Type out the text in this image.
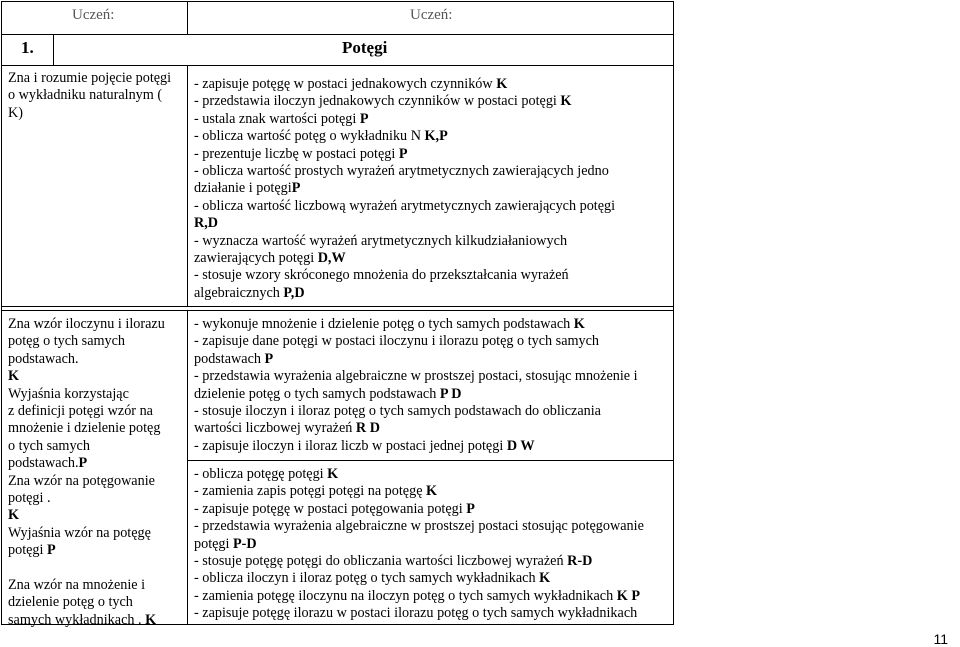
Uczeń:	Uczeń:
1.	Potęgi
Zna i rozumie pojęcie potęgi
o wykładniku naturalnym (
K)
- zapisuje potęgę w postaci jednakowych czynników K
- przedstawia iloczyn jednakowych czynników w postaci potęgi K
- ustala znak wartości potęgi P
- oblicza wartość potęg o wykładniku N K,P
- prezentuje liczbę w postaci potęgi P
- oblicza wartość prostych wyrażeń arytmetycznych zawierających jedno
działanie i potęgiP
- oblicza wartość liczbową wyrażeń arytmetycznych zawierających potęgi
R,D
- wyznacza wartość wyrażeń arytmetycznych kilkudziałaniowych
zawierających potęgi D,W
- stosuje wzory skróconego mnożenia do przekształcania wyrażeń
algebraicznych P,D
Zna wzór iloczynu i ilorazu
potęg o tych samych
podstawach.
K
Wyjaśnia korzystając
z definicji potęgi wzór na
mnożenie i dzielenie potęg
o tych samych
podstawach.P
Zna wzór na potęgowanie
potęgi .
K
Wyjaśnia wzór na potęgę
potęgi P
Zna wzór na mnożenie i
dzielenie potęg o tych
samych wykładnikach . K
- wykonuje mnożenie i dzielenie potęg o tych samych podstawach K
- zapisuje dane potęgi w postaci iloczynu i ilorazu potęg o tych samych
podstawach P
- przedstawia wyrażenia algebraiczne w prostszej postaci, stosując mnożenie i
dzielenie potęg o tych samych podstawach P D
- stosuje iloczyn i iloraz potęg o tych samych podstawach do obliczania
wartości liczbowej wyrażeń R D
- zapisuje iloczyn i iloraz liczb w postaci jednej potęgi D W
- oblicza potęgę potęgi K
- zamienia zapis potęgi potęgi na potęgę K
- zapisuje potęgę w postaci potęgowania potęgi P
- przedstawia wyrażenia algebraiczne w prostszej postaci stosując potęgowanie
potęgi P-D
- stosuje potęgę potęgi do obliczania wartości liczbowej wyrażeń R-D
- oblicza iloczyn i iloraz potęg o tych samych wykładnikach K
- zamienia potęgę iloczynu na iloczyn potęg o tych samych wykładnikach K P
- zapisuje potęgę ilorazu w postaci ilorazu potęg o tych samych wykładnikach
11
